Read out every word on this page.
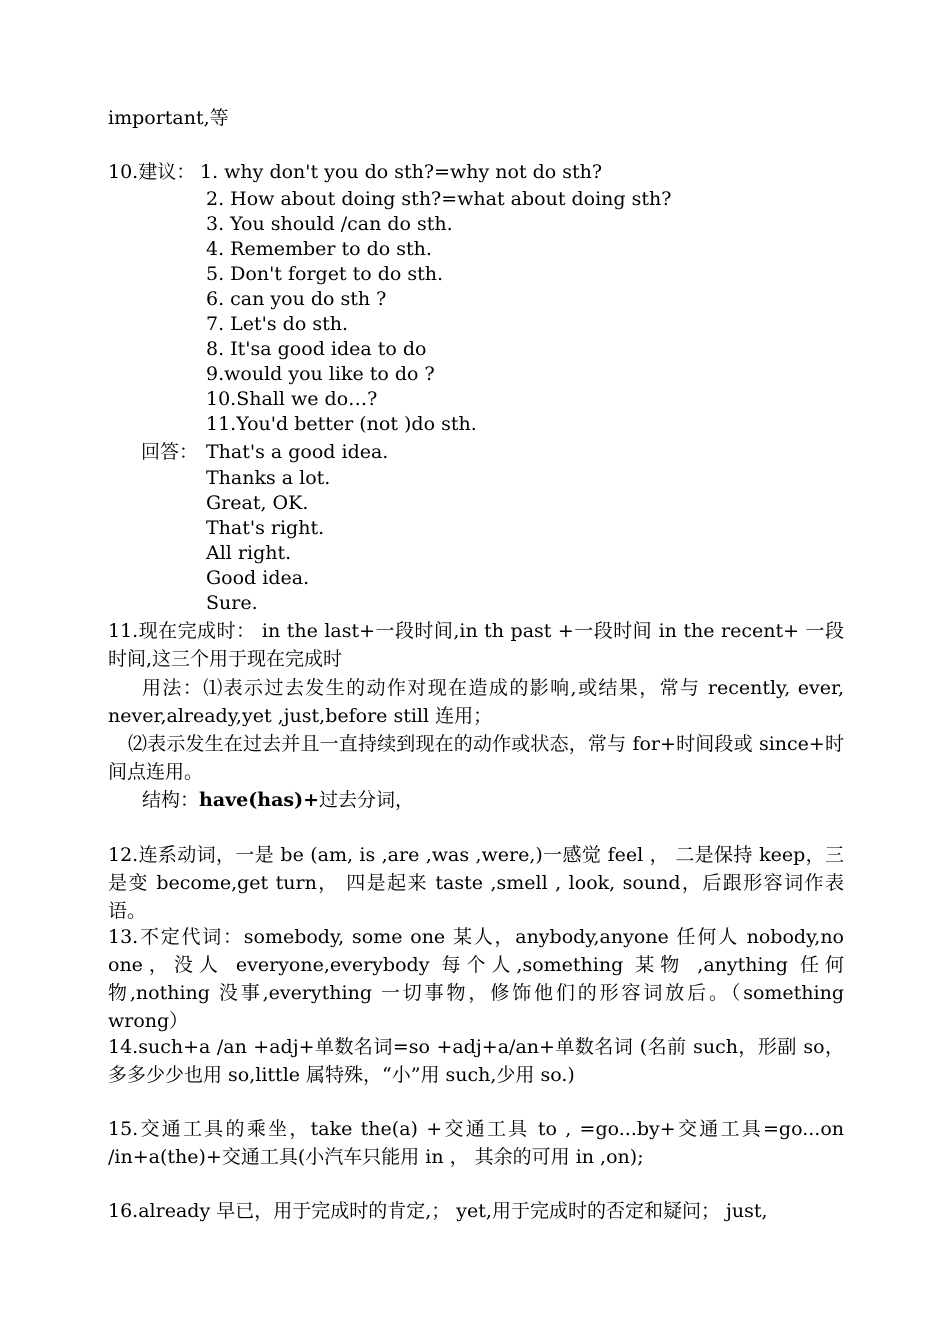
important,等
10.建议： 1. why don't you do sth?=why not do sth?
2. How about doing sth?=what about doing sth?
3. You should /can do sth.
4. Remember to do sth.
5. Don't forget to do sth.
6. can you do sth ?
7. Let's do sth.
8. It'sa good idea to do
9.would you like to do ?
10.Shall we do…?
11.You'd better (not )do sth.
回答： That's a good idea.
Thanks a lot.
Great, OK.
That's right.
All right.
Good idea.
Sure.
11.现在完成时： in the last+一段时间,in th past +一段时间 in the recent+ 一段时间,这三个用于现在完成时
用法：⑴表示过去发生的动作对现在造成的影响,或结果，常与 recently, ever, never,already,yet ,just,before still 连用；
⑵表示发生在过去并且一直持续到现在的动作或状态，常与 for+时间段或 since+时间点连用。
结构：have(has)+过去分词，
12.连系动词，一是 be (am, is ,are ,was ,were,)一感觉 feel ， 二是保持 keep，三是变 become,get turn， 四是起来 taste ,smell , look, sound，后跟形容词作表语。
13.不定代词：somebody, some one 某人，anybody,anyone 任何人 nobody,no one，没人 everyone,everybody 每个人,something 某物 ,anything 任何物,nothing 没事,everything 一切事物，修饰他们的形容词放后。（something wrong）
14.such+a /an +adj+单数名词=so +adj+a/an+单数名词 (名前 such，形副 so，多多少少也用 so,little 属特殊，“小”用 such,少用 so.)
15.交通工具的乘坐，take the(a) +交通工具 to , =go...by+交通工具=go...on /in+a(the)+交通工具(小汽车只能用 in ， 其余的可用 in ,on);
16.already 早已，用于完成时的肯定,； yet,用于完成时的否定和疑问； just,
